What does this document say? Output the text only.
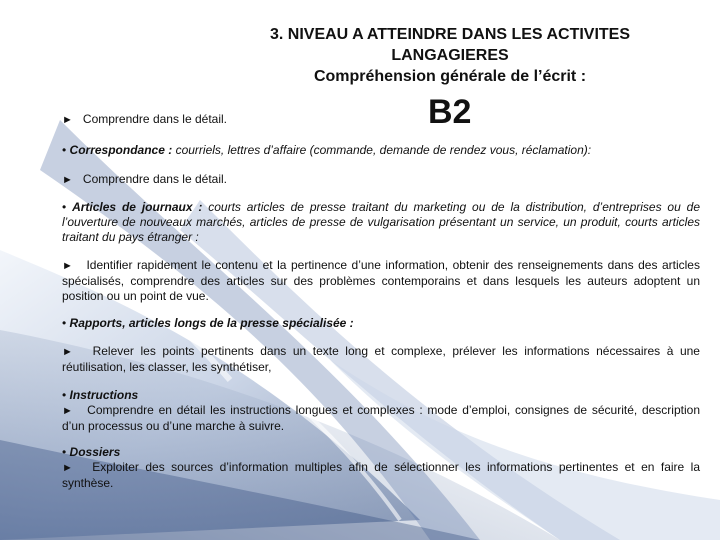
3. NIVEAU A ATTEINDRE DANS LES ACTIVITES
LANGAGIERES
Compréhension générale de l’écrit :
► Comprendre dans le détail.	B2
• Correspondance : courriels, lettres d’affaire (commande, demande de rendez vous, réclamation):
► Comprendre dans le détail.
• Articles de journaux : courts articles de presse traitant du marketing ou de la distribution, d’entreprises ou de l’ouverture de nouveaux marchés, articles de presse de vulgarisation présentant un service, un produit, courts articles traitant du pays étranger :
► Identifier rapidement le contenu et la pertinence d’une information, obtenir des renseignements dans des articles spécialisés, comprendre des articles sur des problèmes contemporains et dans lesquels les auteurs adoptent un position ou un point de vue.
• Rapports, articles longs de la presse spécialisée :
► Relever les points pertinents dans un texte long et complexe, prélever les informations nécessaires à une réutilisation, les classer, les synthétiser,
• Instructions
► Comprendre en détail les instructions longues et complexes : mode d’emploi, consignes de sécurité, description d’un processus ou d’une marche à suivre.
• Dossiers
► Exploiter des sources d’information multiples afin de sélectionner les informations pertinentes et en faire la synthèse.
